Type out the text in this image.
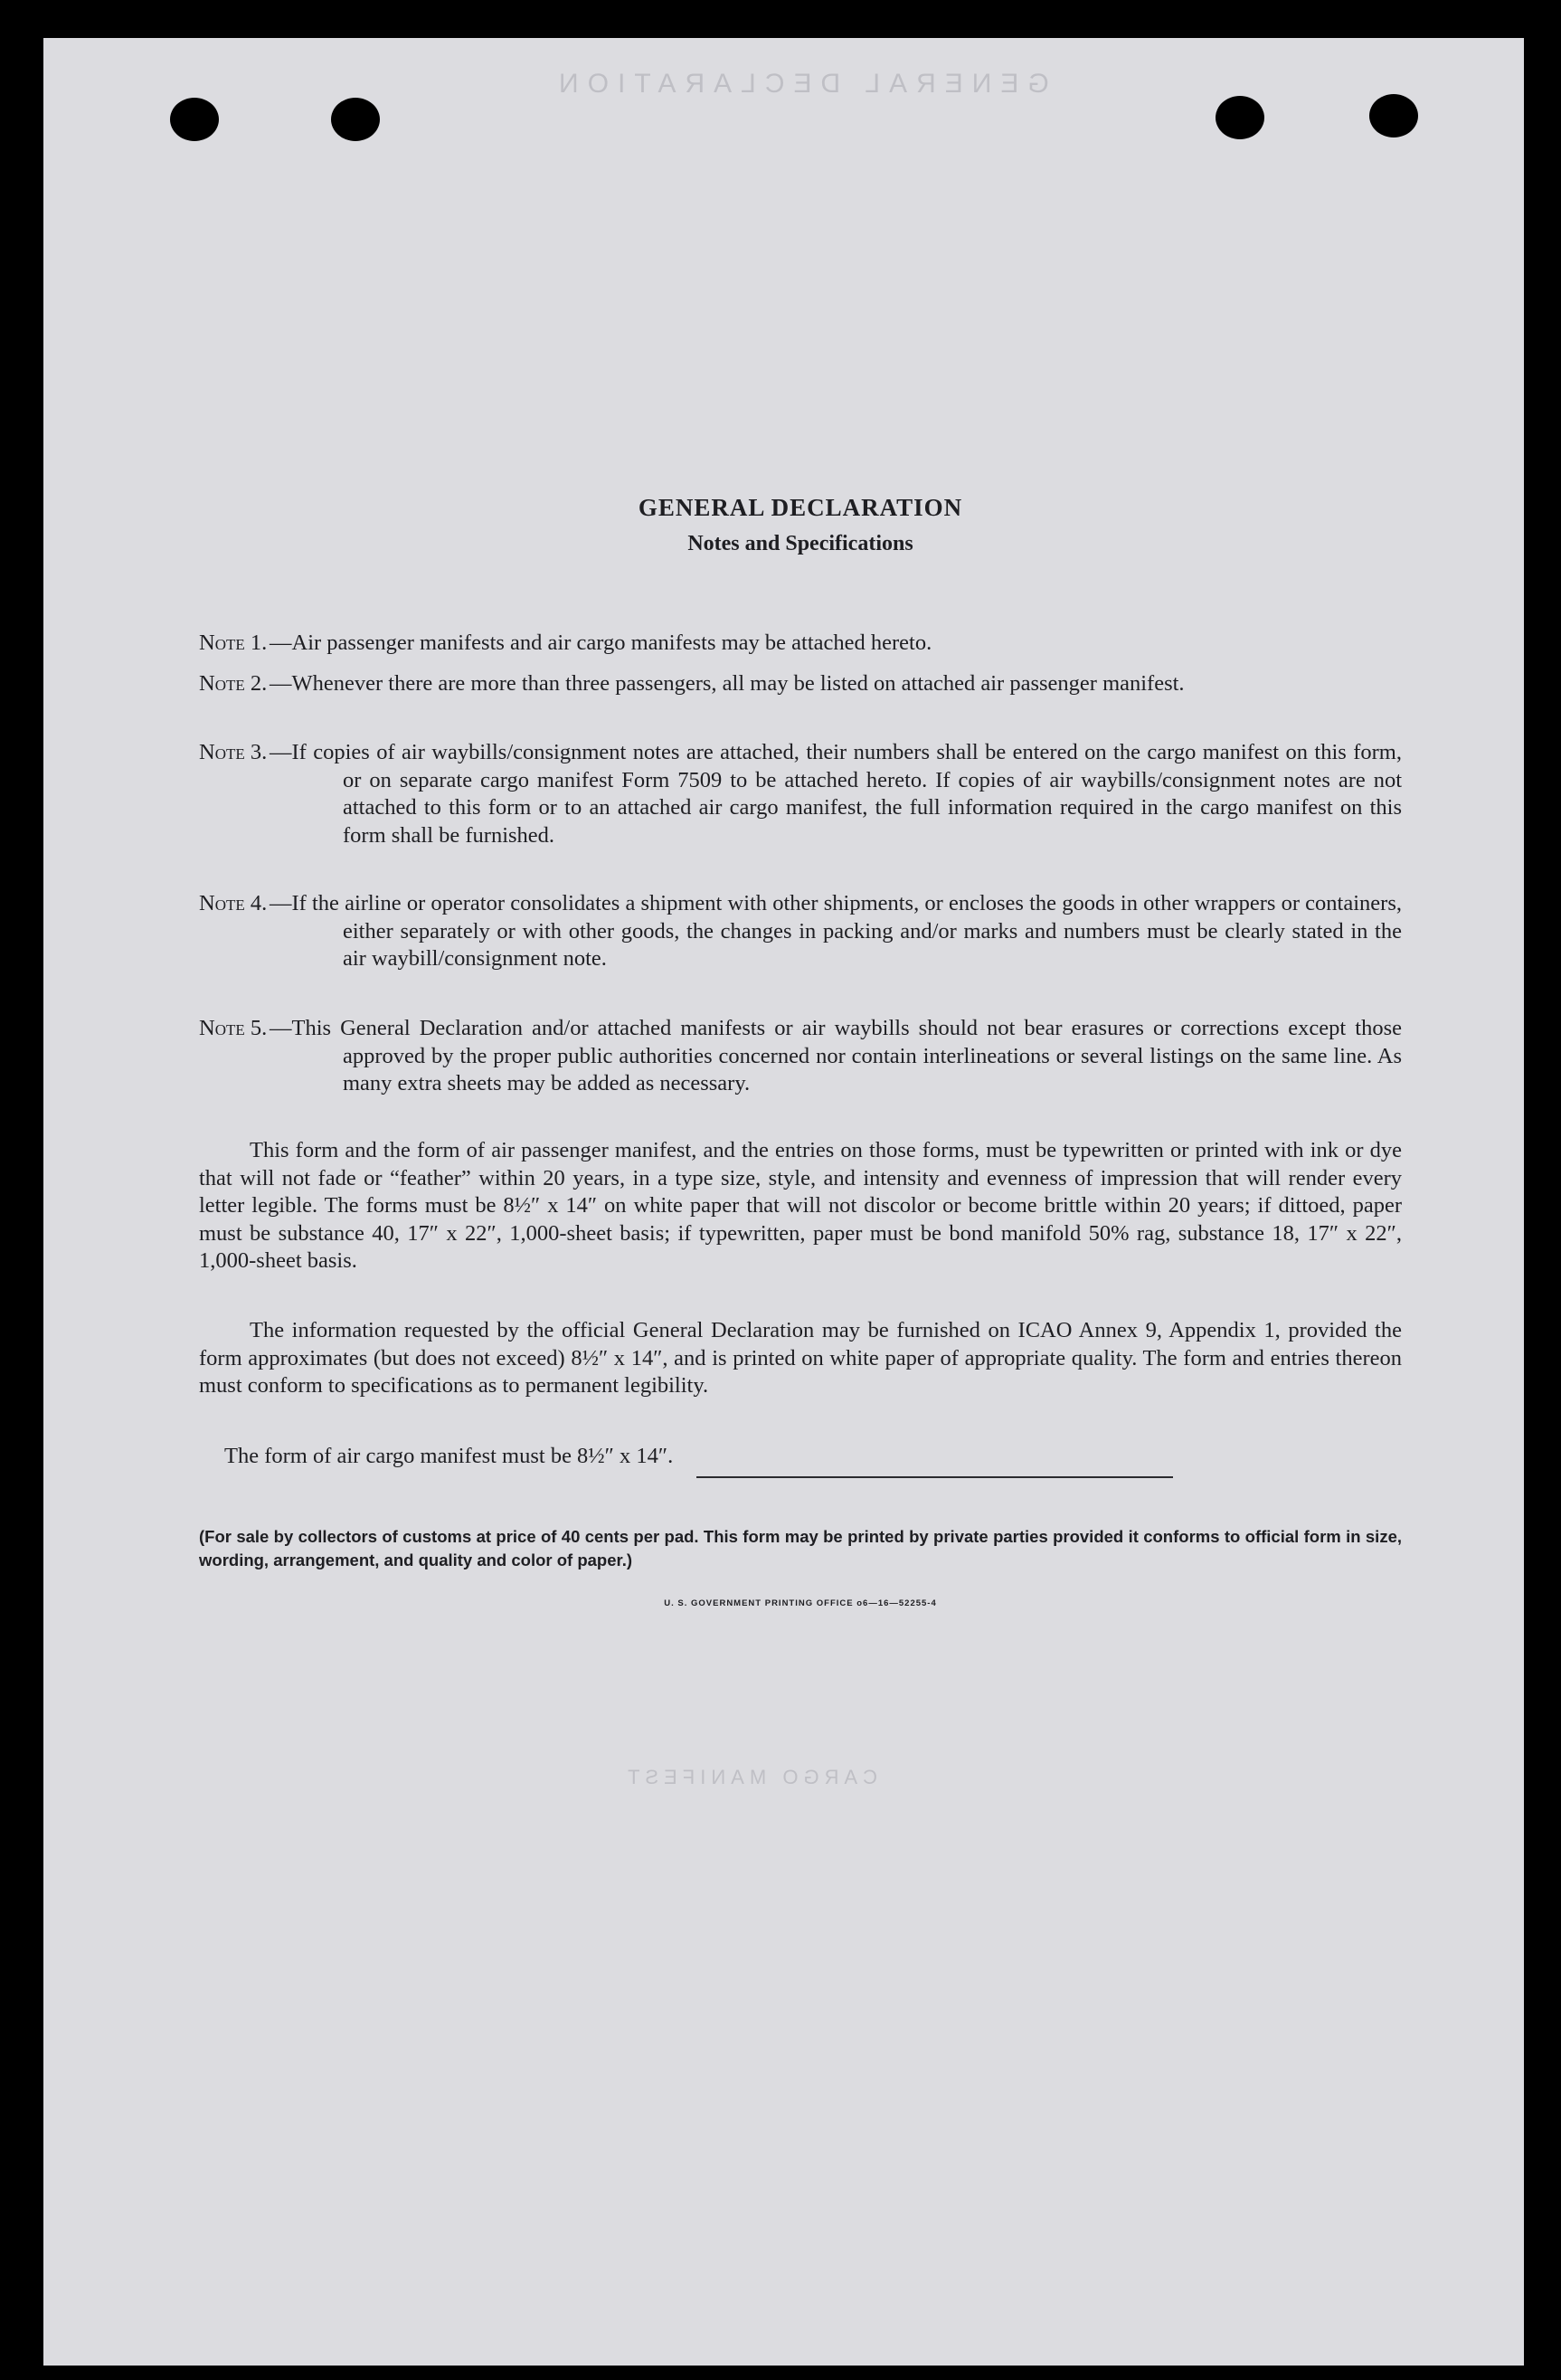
GENERAL DECLARATION
CARGO MANIFEST
GENERAL DECLARATION
Notes and Specifications
Note 1. —Air passenger manifests and air cargo manifests may be attached hereto.
Note 2. —Whenever there are more than three passengers, all may be listed on attached air passenger manifest.
Note 3. —If copies of air waybills/consignment notes are attached, their numbers shall be entered on the cargo manifest on this form, or on separate cargo manifest Form 7509 to be attached hereto. If copies of air waybills/consignment notes are not attached to this form or to an attached air cargo manifest, the full information required in the cargo manifest on this form shall be furnished.
Note 4. —If the airline or operator consolidates a shipment with other shipments, or encloses the goods in other wrappers or containers, either separately or with other goods, the changes in packing and/or marks and numbers must be clearly stated in the air waybill/consignment note.
Note 5. —This General Declaration and/or attached manifests or air waybills should not bear erasures or corrections except those approved by the proper public authorities concerned nor contain interlineations or several listings on the same line. As many extra sheets may be added as necessary.
This form and the form of air passenger manifest, and the entries on those forms, must be typewritten or printed with ink or dye that will not fade or “feather” within 20 years, in a type size, style, and intensity and evenness of impression that will render every letter legible. The forms must be 8½″ x 14″ on white paper that will not discolor or become brittle within 20 years; if dittoed, paper must be substance 40, 17″ x 22″, 1,000-sheet basis; if typewritten, paper must be bond manifold 50% rag, substance 18, 17″ x 22″, 1,000-sheet basis.
The information requested by the official General Declaration may be furnished on ICAO Annex 9, Appendix 1, provided the form approximates (but does not exceed) 8½″ x 14″, and is printed on white paper of appropriate quality. The form and entries thereon must conform to specifications as to permanent legibility.
The form of air cargo manifest must be 8½″ x 14″.
(For sale by collectors of customs at price of 40 cents per pad. This form may be printed by private parties provided it conforms to official form in size, wording, arrangement, and quality and color of paper.)
U. S. GOVERNMENT PRINTING OFFICE o6—16—52255-4
